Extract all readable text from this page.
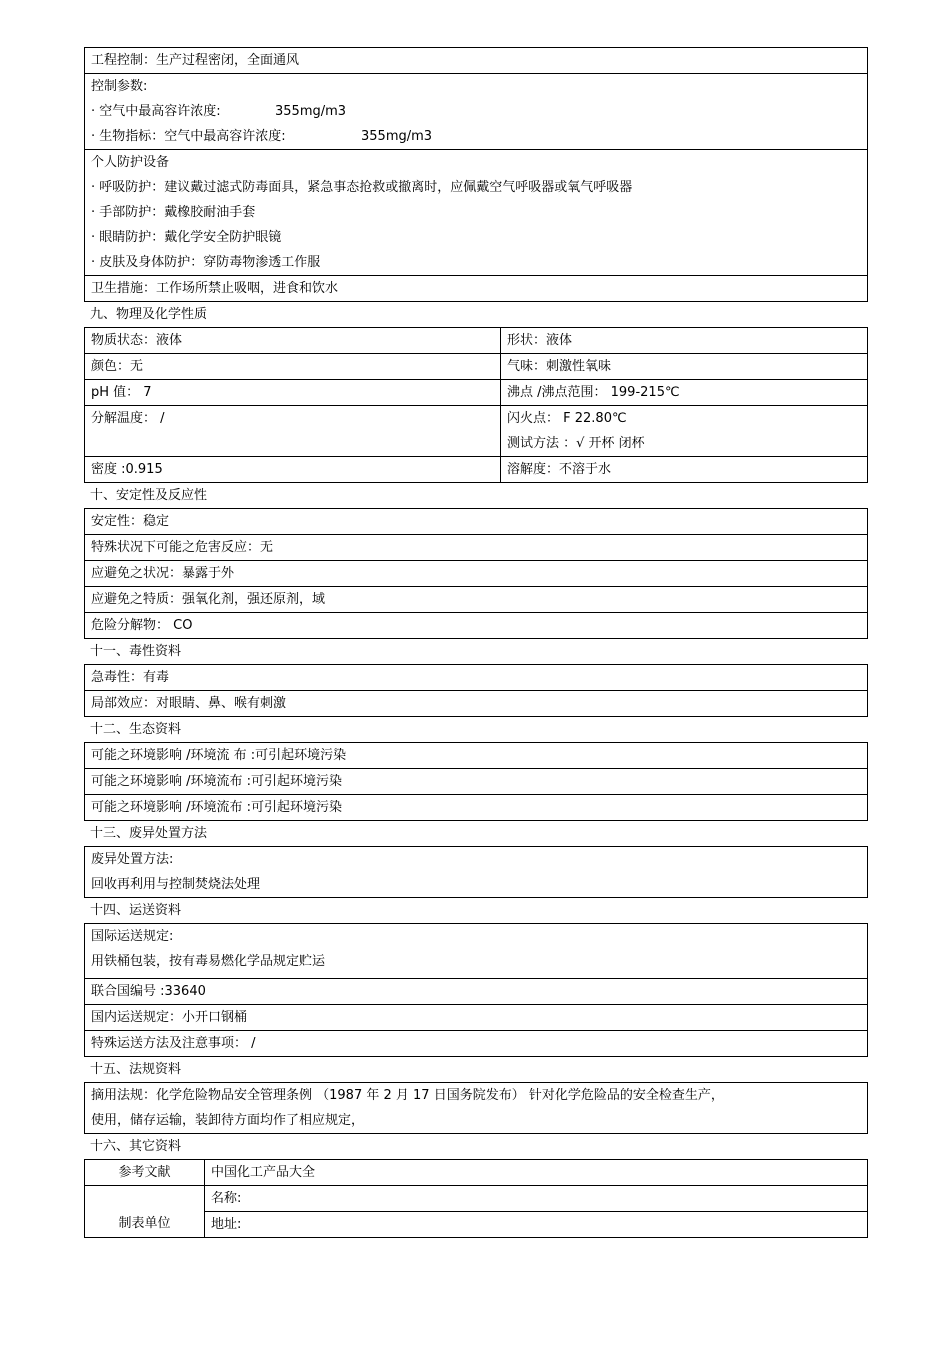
工程控制：生产过程密闭，全面通风
控制参数:
· 空气中最高容许浓度:	355mg/m3
· 生物指标：空气中最高容许浓度:	355mg/m3
个人防护设备
· 呼吸防护：建议戴过滤式防毒面具，紧急事态抢救或撤离时，应佩戴空气呼吸器或氧气呼吸器
· 手部防护：戴橡胶耐油手套
· 眼睛防护：戴化学安全防护眼镜
· 皮肤及身体防护：穿防毒物渗透工作服
卫生措施：工作场所禁止吸咽，进食和饮水
九、物理及化学性质
物质状态：液体	形状：液体
颜色：无	气味：刺激性氧味
pH 值： 7	沸点 /沸点范围： 199-215℃
分解温度： /	闪火点： F 22.80℃
测试方法 ：√ 开杯 闭杯
密度 :0.915	溶解度：不溶于水
十、安定性及反应性
安定性：稳定
特殊状况下可能之危害反应：无
应避免之状况：暴露于外
应避免之特质：强氧化剂，强还原剂，域
危险分解物： CO
十一、毒性资料
急毒性：有毒
局部效应：对眼睛、鼻、喉有刺激
十二、生态资料
可能之环境影响 /环境流 布 :可引起环境污染
可能之环境影响 /环境流布 :可引起环境污染
可能之环境影响 /环境流布 :可引起环境污染
十三、废异处置方法
废异处置方法:
回收再利用与控制焚烧法处理
十四、运送资料
国际运送规定:
用铁桶包装，按有毒易燃化学品规定贮运
联合国编号 :33640
国内运送规定：小开口钢桶
特殊运送方法及注意事项： /
十五、法规资料
摘用法规：化学危险物品安全管理条例 （1987 年 2 月 17 日国务院发布） 针对化学危险品的安全检查生产，
使用，储存运输，装卸待方面均作了相应规定，
十六、其它资料
参考文献	中国化工产品大全
制表单位
名称:
地址:
